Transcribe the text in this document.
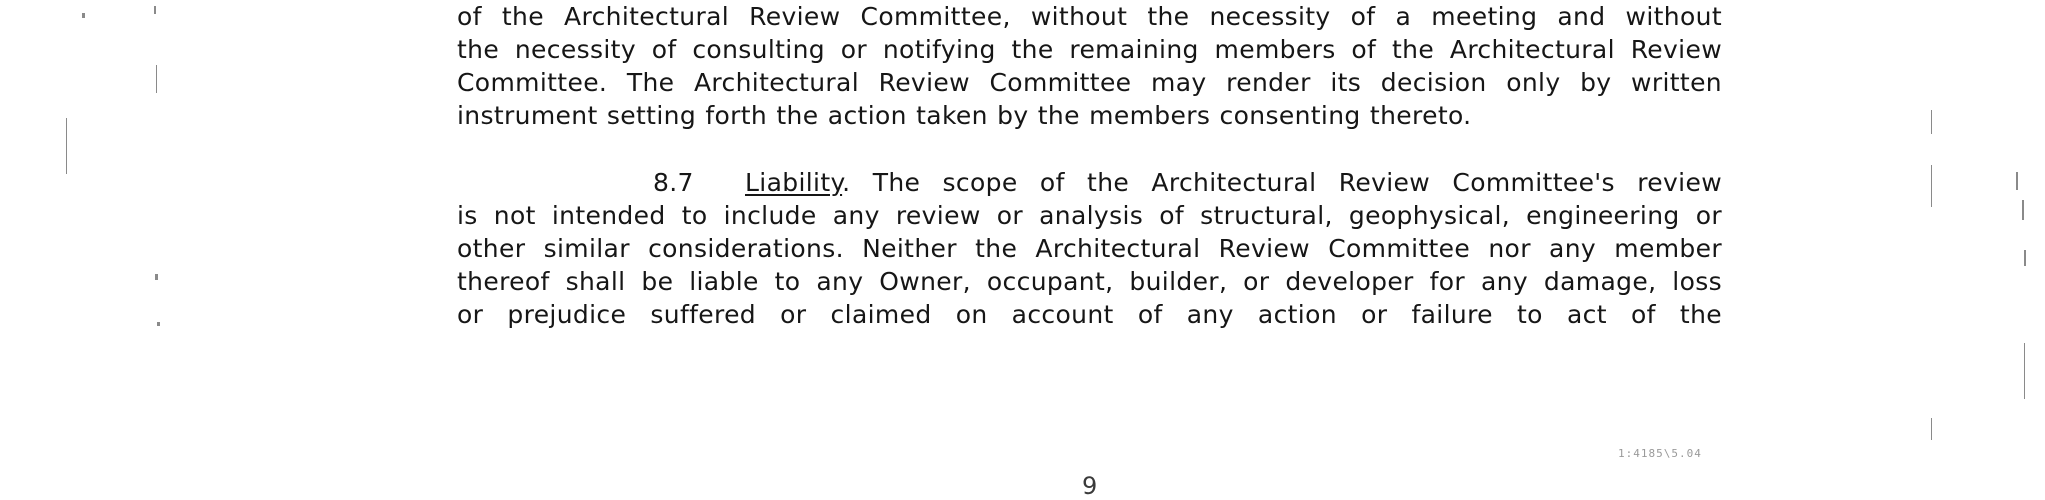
of the Architectural Review Committee, without the necessity of a meeting and without
the necessity of consulting or notifying the remaining members of the Architectural Review
Committee. The Architectural Review Committee may render its decision only by written
instrument setting forth the action taken by the members consenting thereto.
8.7 Liability. The scope of the Architectural Review Committee's review
is not intended to include any review or analysis of structural, geophysical, engineering or
other similar considerations. Neither the Architectural Review Committee nor any member
thereof shall be liable to any Owner, occupant, builder, or developer for any damage, loss
or prejudice suffered or claimed on account of any action or failure to act of the
1:4185\5.04
9
